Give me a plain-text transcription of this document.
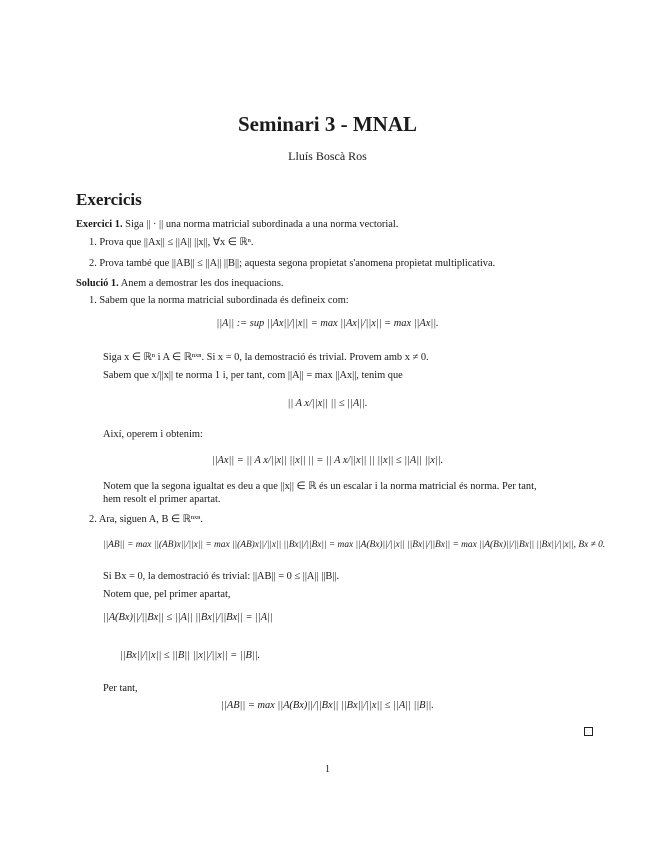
Seminari 3 - MNAL
Lluís Boscà Ros
Exercicis
Exercici 1. Siga || · || una norma matricial subordinada a una norma vectorial.
1. Prova que ||Ax|| ≤ ||A|| ||x||, ∀x ∈ ℝⁿ.
2. Prova també que ||AB|| ≤ ||A|| ||B||; aquesta segona propietat s'anomena propietat multiplicativa.
Solució 1. Anem a demostrar les dos inequacions.
1. Sabem que la norma matricial subordinada és defineix com:
||A|| := sup ||Ax||/||x|| = max ||Ax||/||x|| = max ||Ax||.
Siga x ∈ ℝⁿ i A ∈ ℝⁿˣⁿ. Si x = 0, la demostració és trivial. Provem amb x ≠ 0.
Sabem que x/||x|| te norma 1 i, per tant, com ||A|| = max ||Ax||, tenim que
|| A x/||x|| || ≤ ||A||.
Així, operem i obtenim:
||Ax|| = || A x/||x|| ||x|| || = || A x/||x|| || ||x|| ≤ ||A|| ||x||.
Notem que la segona igualtat es deu a que ||x|| ∈ ℝ és un escalar i la norma matricial és norma. Per tant,
hem resolt el primer apartat.
2. Ara, siguen A, B ∈ ℝⁿˣⁿ.
||AB|| = max ||(AB)x||/||x|| = max ||(AB)x||/||x|| ||Bx||/||Bx|| = max ||A(Bx)||/||x|| ||Bx||/||Bx|| = max ||A(Bx)||/||Bx|| ||Bx||/||x||, Bx ≠ 0.
Si Bx = 0, la demostració és trivial: ||AB|| = 0 ≤ ||A|| ||B||.
Notem que, pel primer apartat,
||A(Bx)||/||Bx|| ≤ ||A|| ||Bx||/||Bx|| = ||A||
||Bx||/||x|| ≤ ||B|| ||x||/||x|| = ||B||.
Per tant,
||AB|| = max ||A(Bx)||/||Bx|| ||Bx||/||x|| ≤ ||A|| ||B||.
1
